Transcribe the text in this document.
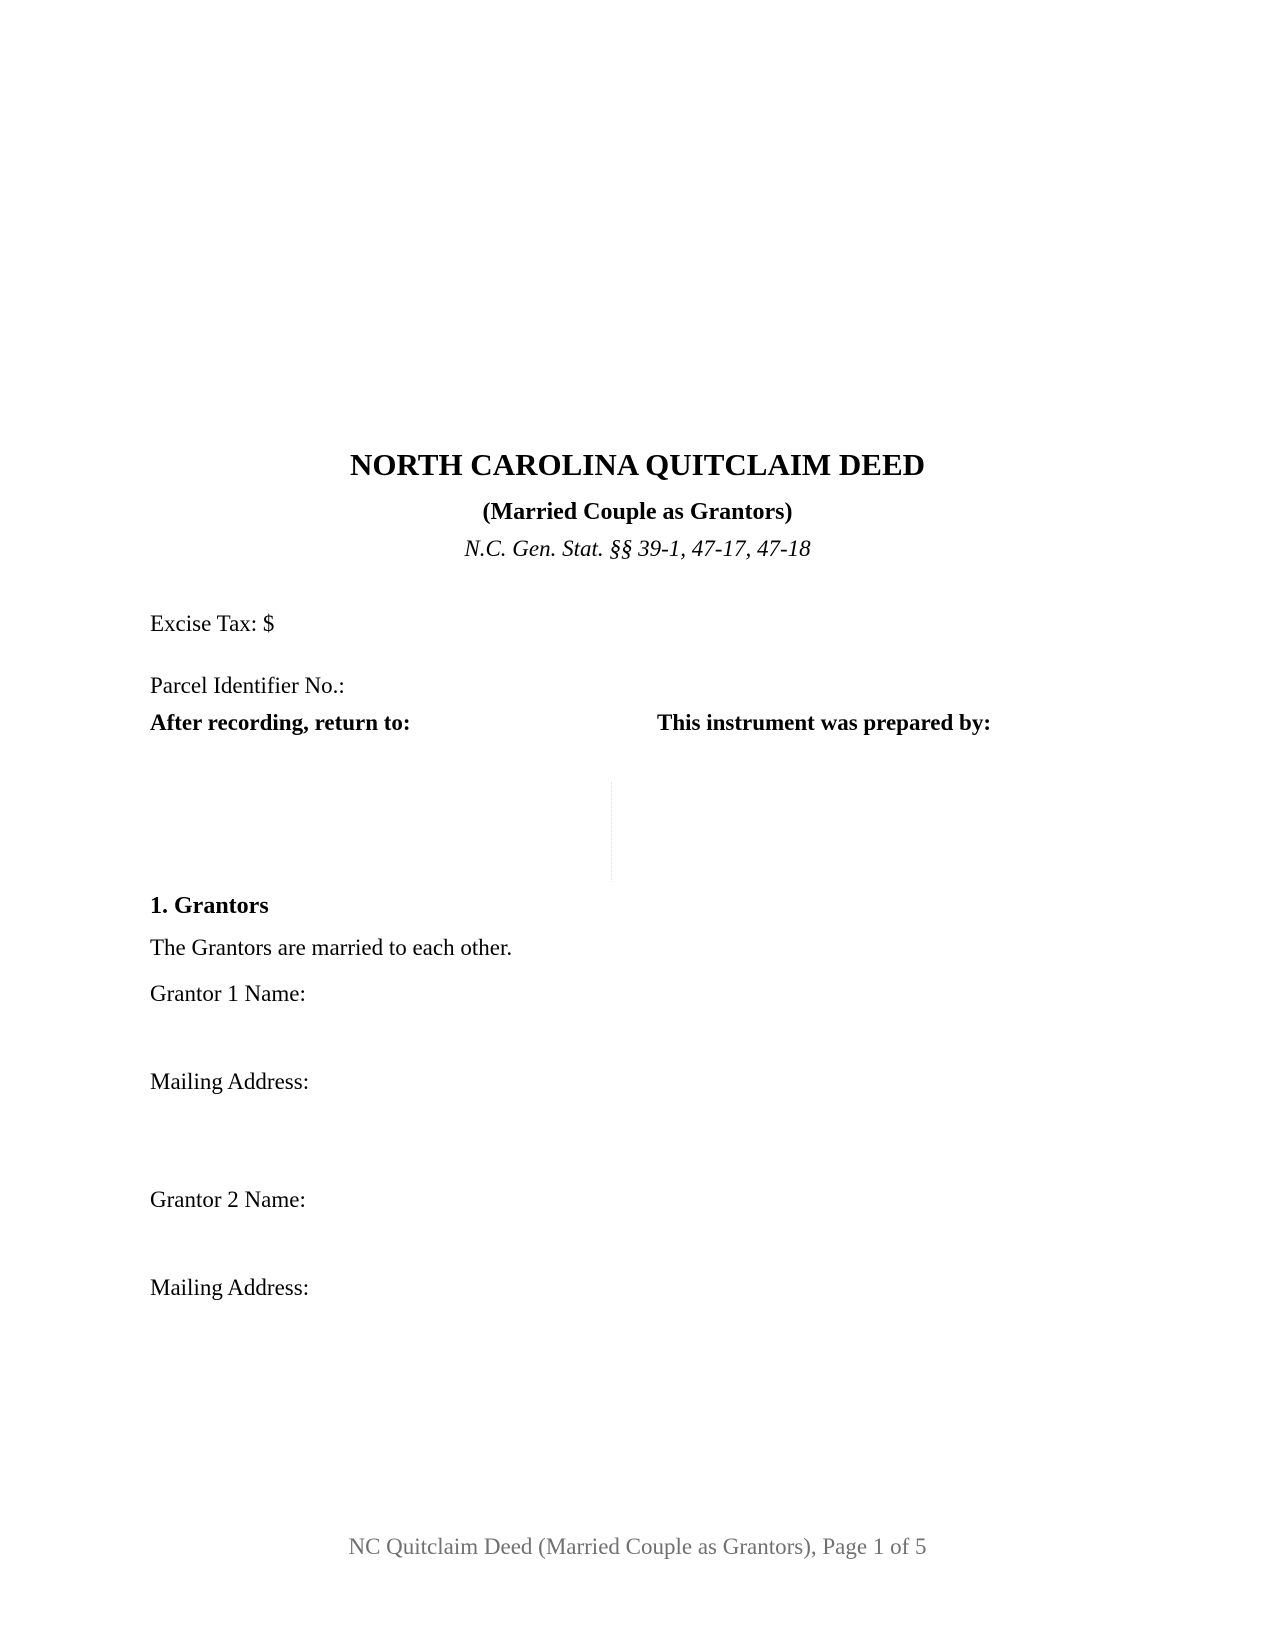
NORTH CAROLINA QUITCLAIM DEED
(Married Couple as Grantors)
N.C. Gen. Stat. §§ 39-1, 47-17, 47-18
Excise Tax: $
Parcel Identifier No.:
After recording, return to:	This instrument was prepared by:
1. Grantors
The Grantors are married to each other.
Grantor 1 Name:
Mailing Address:
Grantor 2 Name:
Mailing Address:
NC Quitclaim Deed (Married Couple as Grantors), Page 1 of 5
